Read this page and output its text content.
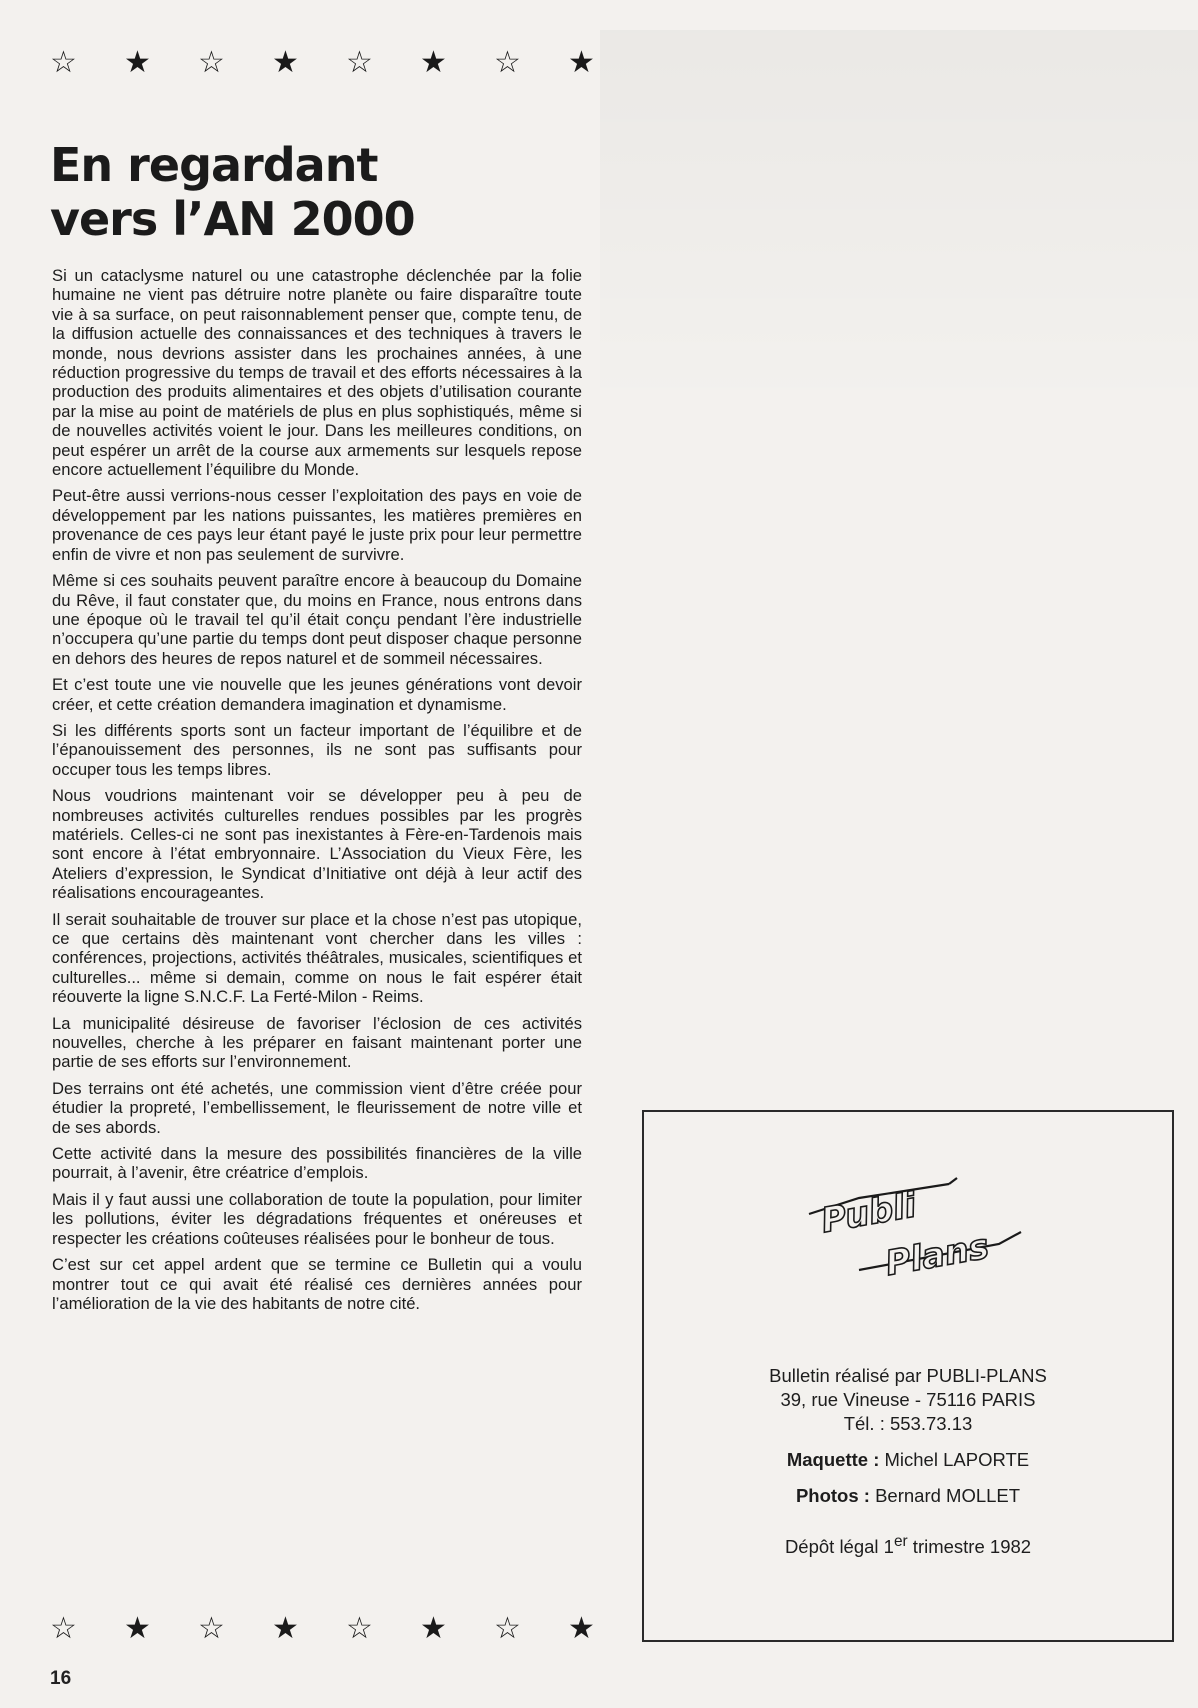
☆	★	☆	★	☆	★	☆	★
En regardant
vers l’AN 2000

Si un cataclysme naturel ou une catastrophe déclenchée par la folie humaine ne vient pas détruire notre planète ou faire disparaître toute vie à sa surface, on peut raisonnablement penser que, compte tenu, de la diffusion actuelle des connaissances et des techniques à travers le monde, nous devrions assister dans les prochaines années, à une réduction progressive du temps de travail et des efforts nécessaires à la production des produits alimentaires et des objets d’utilisation courante par la mise au point de matériels de plus en plus sophistiqués, même si de nouvelles activités voient le jour. Dans les meilleures conditions, on peut espérer un arrêt de la course aux armements sur lesquels repose encore actuellement l’équilibre du Monde.

Peut-être aussi verrions-nous cesser l’exploitation des pays en voie de développement par les nations puissantes, les matières premières en provenance de ces pays leur étant payé le juste prix pour leur permettre enfin de vivre et non pas seulement de survivre.

Même si ces souhaits peuvent paraître encore à beaucoup du Domaine du Rêve, il faut constater que, du moins en France, nous entrons dans une époque où le travail tel qu’il était conçu pendant l’ère industrielle n’occupera qu’une partie du temps dont peut disposer chaque personne en dehors des heures de repos naturel et de sommeil nécessaires.

Et c’est toute une vie nouvelle que les jeunes générations vont devoir créer, et cette création demandera imagination et dynamisme.

Si les différents sports sont un facteur important de l’équilibre et de l’épanouissement des personnes, ils ne sont pas suffisants pour occuper tous les temps libres.

Nous voudrions maintenant voir se développer peu à peu de nombreuses activités culturelles rendues possibles par les progrès matériels. Celles-ci ne sont pas inexistantes à Fère-en-Tardenois mais sont encore à l’état embryonnaire. L’Association du Vieux Fère, les Ateliers d’expression, le Syndicat d’Initiative ont déjà à leur actif des réalisations encourageantes.

Il serait souhaitable de trouver sur place et la chose n’est pas utopique, ce que certains dès maintenant vont chercher dans les villes : conférences, projections, activités théâtrales, musicales, scientifiques et culturelles... même si demain, comme on nous le fait espérer était réouverte la ligne S.N.C.F. La Ferté-Milon - Reims.

La municipalité désireuse de favoriser l’éclosion de ces activités nouvelles, cherche à les préparer en faisant maintenant porter une partie de ses efforts sur l’environnement.

Des terrains ont été achetés, une commission vient d’être créée pour étudier la propreté, l’embellissement, le fleurissement de notre ville et de ses abords.

Cette activité dans la mesure des possibilités financières de la ville pourrait, à l’avenir, être créatrice d’emplois.

Mais il y faut aussi une collaboration de toute la population, pour limiter les pollutions, éviter les dégradations fréquentes et onéreuses et respecter les créations coûteuses réalisées pour le bonheur de tous.

C’est sur cet appel ardent que se termine ce Bulletin qui a voulu montrer tout ce qui avait été réalisé ces dernières années pour l’amélioration de la vie des habitants de notre cité.

Publi
Plans
Bulletin réalisé par PUBLI-PLANS
39, rue Vineuse - 75116 PARIS
Tél. : 553.73.13
Maquette : Michel LAPORTE
Photos : Bernard MOLLET
Dépôt légal 1er trimestre 1982
☆	★	☆	★	☆	★	☆	★
16
